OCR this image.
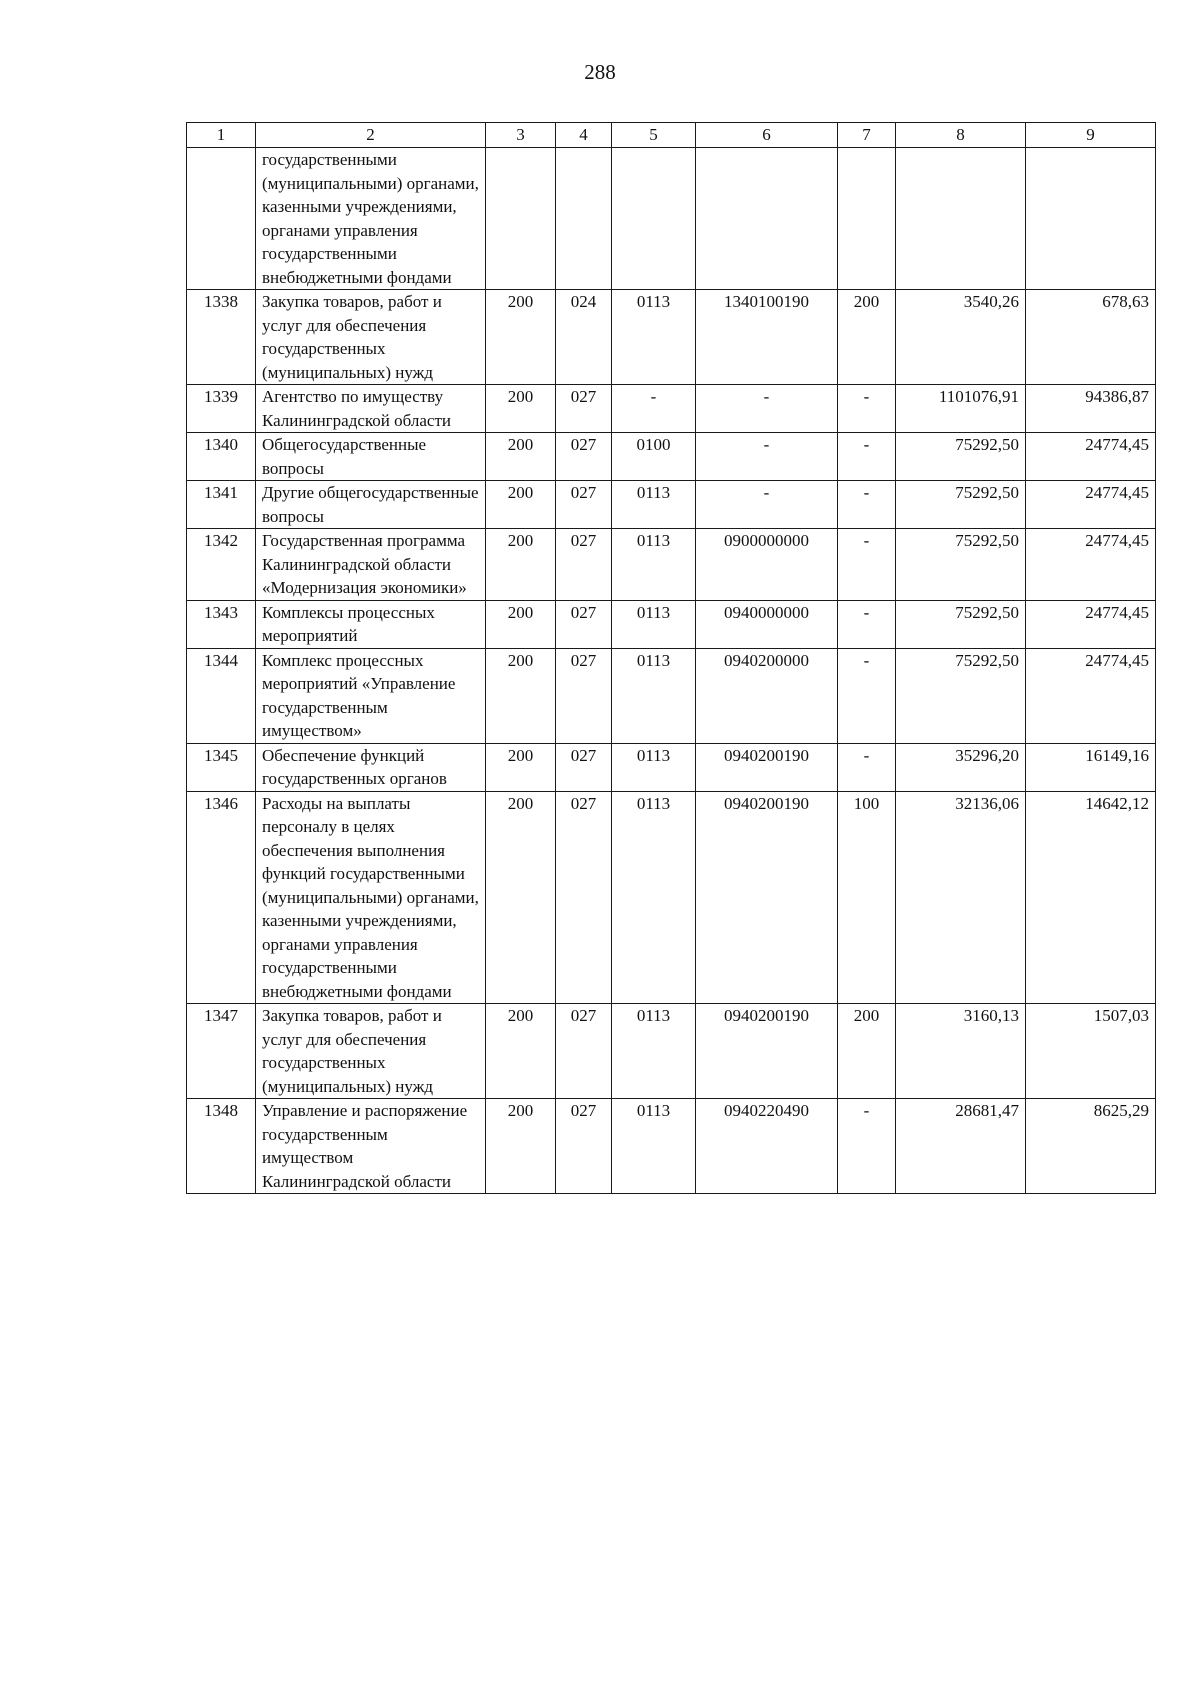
288
1	2	3	4	5	6	7	8	9
	государственными (муниципальными) органами, казенными учреждениями, органами управления государственными внебюджетными фондами							
1338	Закупка товаров, работ и услуг для обеспечения государственных (муниципальных) нужд	200	024	0113	1340100190	200	3540,26	678,63
1339	Агентство по имуществу Калининградской области	200	027	-	-	-	1101076,91	94386,87
1340	Общегосударственные вопросы	200	027	0100	-	-	75292,50	24774,45
1341	Другие общегосударственные вопросы	200	027	0113	-	-	75292,50	24774,45
1342	Государственная программа Калининградской области «Модернизация экономики»	200	027	0113	0900000000	-	75292,50	24774,45
1343	Комплексы процессных мероприятий	200	027	0113	0940000000	-	75292,50	24774,45
1344	Комплекс процессных мероприятий «Управление государственным имуществом»	200	027	0113	0940200000	-	75292,50	24774,45
1345	Обеспечение функций государственных органов	200	027	0113	0940200190	-	35296,20	16149,16
1346	Расходы на выплаты персоналу в целях обеспечения выполнения функций государственными (муниципальными) органами, казенными учреждениями, органами управления государственными внебюджетными фондами	200	027	0113	0940200190	100	32136,06	14642,12
1347	Закупка товаров, работ и услуг для обеспечения государственных (муниципальных) нужд	200	027	0113	0940200190	200	3160,13	1507,03
1348	Управление и распоряжение государственным имуществом Калининградской области	200	027	0113	0940220490	-	28681,47	8625,29
